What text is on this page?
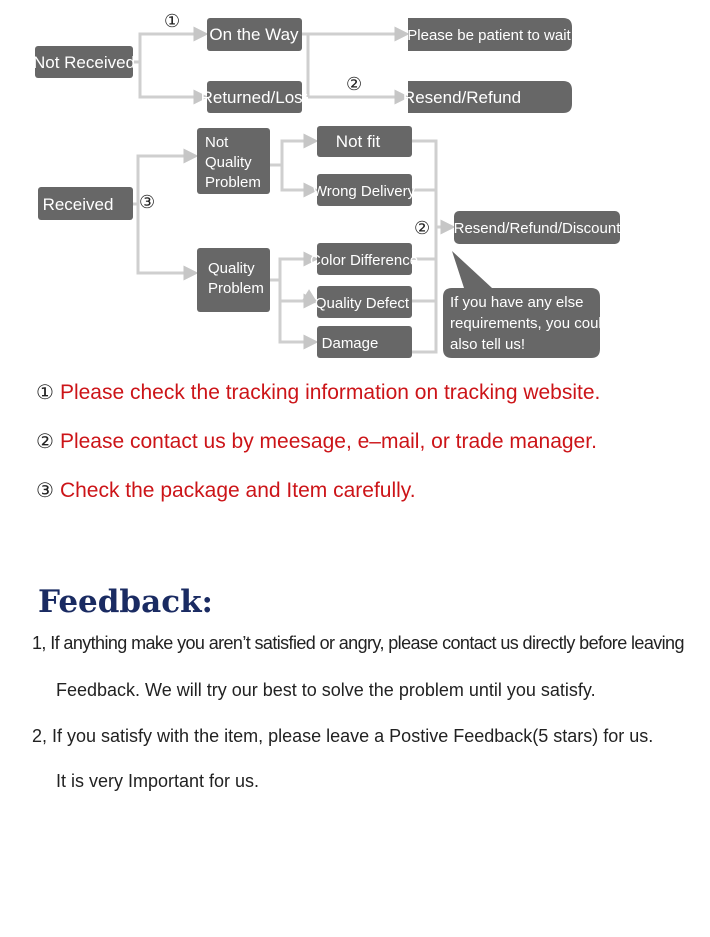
Not Received
On the Way
Returned/Lost
Please be patient to wait
Resend/Refund
①
②
Received ③
Not
Quality
Problem
Quality
Problem
Not fit
Wrong Delivery
Color Difference
Quality Defect
Damage
② Resend/Refund/Discount
If you have any else
requirements, you could
also tell us!
① Please check the tracking information on tracking website.
② Please contact us by meesage, e–mail, or trade manager.
③ Check the package and Item carefully.
Feedback:
1, If anything make you aren’t satisfied or angry, please contact us directly before leaving
Feedback. We will try our best to solve the problem until you satisfy.
2, If you satisfy with the item, please leave a Postive Feedback(5 stars) for us.
It is very Important for us.
